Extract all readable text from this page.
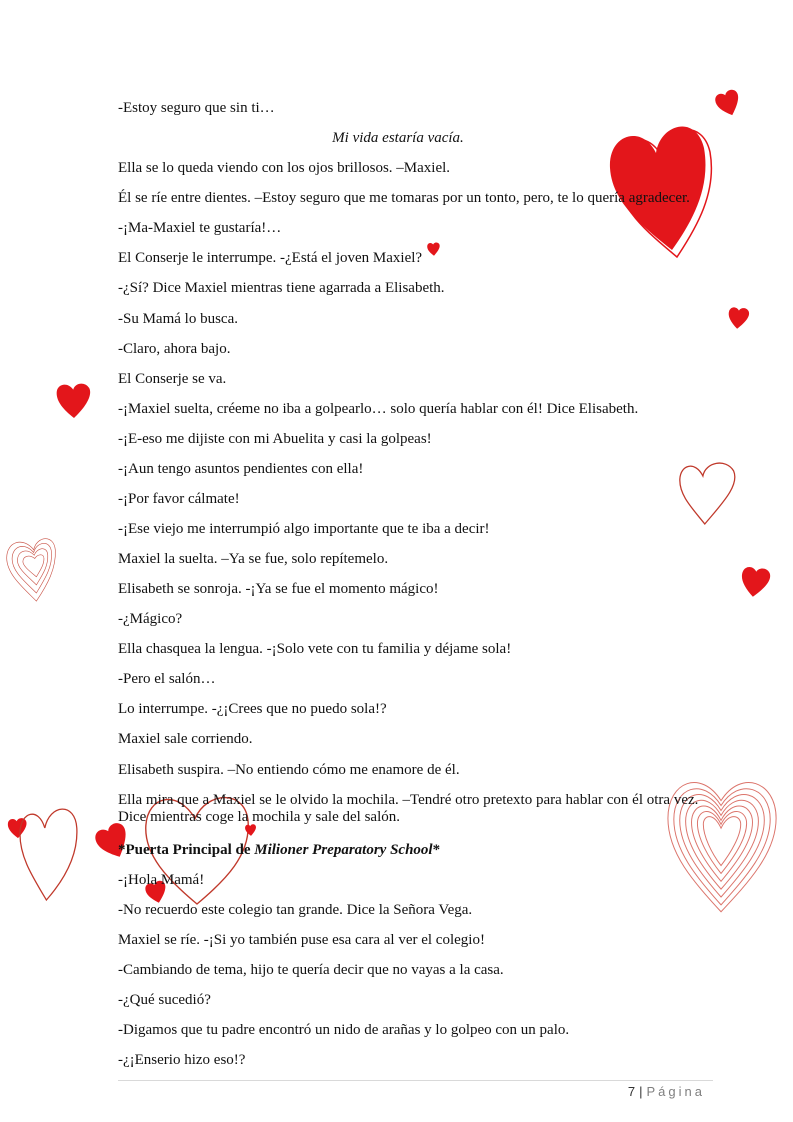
-Estoy seguro que sin ti…
Mi vida estaría vacía.
Ella se lo queda viendo con los ojos brillosos. –Maxiel.
Él se ríe entre dientes. –Estoy seguro que me tomaras por un tonto, pero, te lo quería agradecer.
-¡Ma-Maxiel te gustaría!…
El Conserje le interrumpe. -¿Está el joven Maxiel?
-¿Sí? Dice Maxiel mientras tiene agarrada a Elisabeth.
-Su Mamá lo busca.
-Claro, ahora bajo.
El Conserje se va.
-¡Maxiel suelta, créeme no iba a golpearlo… solo quería hablar con él! Dice Elisabeth.
-¡E-eso me dijiste con mi Abuelita y casi la golpeas!
-¡Aun tengo asuntos pendientes con ella!
-¡Por favor cálmate!
-¡Ese viejo me interrumpió algo importante que te iba a decir!
Maxiel la suelta. –Ya se fue, solo repítemelo.
Elisabeth se sonroja. -¡Ya se fue el momento mágico!
-¿Mágico?
Ella chasquea la lengua. -¡Solo vete con tu familia y déjame sola!
-Pero el salón…
Lo interrumpe. -¿¡Crees que no puedo sola!?
Maxiel sale corriendo.
Elisabeth suspira. –No entiendo cómo me enamore de él.
Ella mira que a Maxiel se le olvido la mochila. –Tendré otro pretexto para hablar con él otra vez. Dice mientras coge la mochila y sale del salón.
*Puerta Principal de Milioner Preparatory School*
-¡Hola Mamá!
-No recuerdo este colegio tan grande. Dice la Señora Vega.
Maxiel se ríe. -¡Si yo también puse esa cara al ver el colegio!
-Cambiando de tema, hijo te quería decir que no vayas a la casa.
-¿Qué sucedió?
-Digamos que tu padre encontró un nido de arañas y lo golpeo con un palo.
-¿¡Enserio hizo eso!?
7 | Página
